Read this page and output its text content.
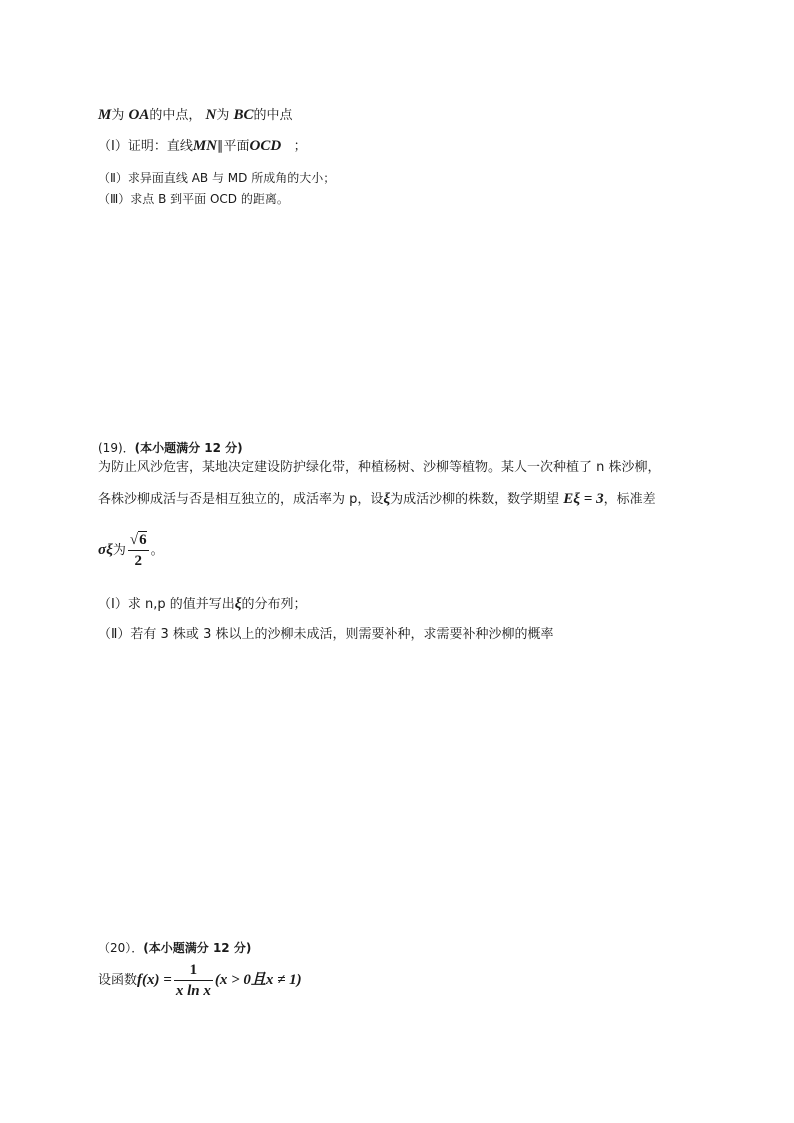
M为 OA的中点， N为 BC的中点
（Ⅰ）证明：直线MN∥平面OCD ；
（Ⅱ）求异面直线 AB 与 MD 所成角的大小；
（Ⅲ）求点 B 到平面 OCD 的距离。
(19)．(本小题满分 12 分)
为防止风沙危害，某地决定建设防护绿化带，种植杨树、沙柳等植物。某人一次种植了 n 株沙柳，
各株沙柳成活与否是相互独立的，成活率为 p，设ξ为成活沙柳的株数，数学期望 Eξ = 3，标准差
σξ为 $\frac{√6}{2}$ 。
（Ⅰ）求 n,p 的值并写出ξ的分布列；
（Ⅱ）若有 3 株或 3 株以上的沙柳未成活，则需要补种，求需要补种沙柳的概率
（20）．(本小题满分 12 分)
设函数$f(x) = \frac{1}{\text{x ln x}} (x > 0$且x ≠ 1)
